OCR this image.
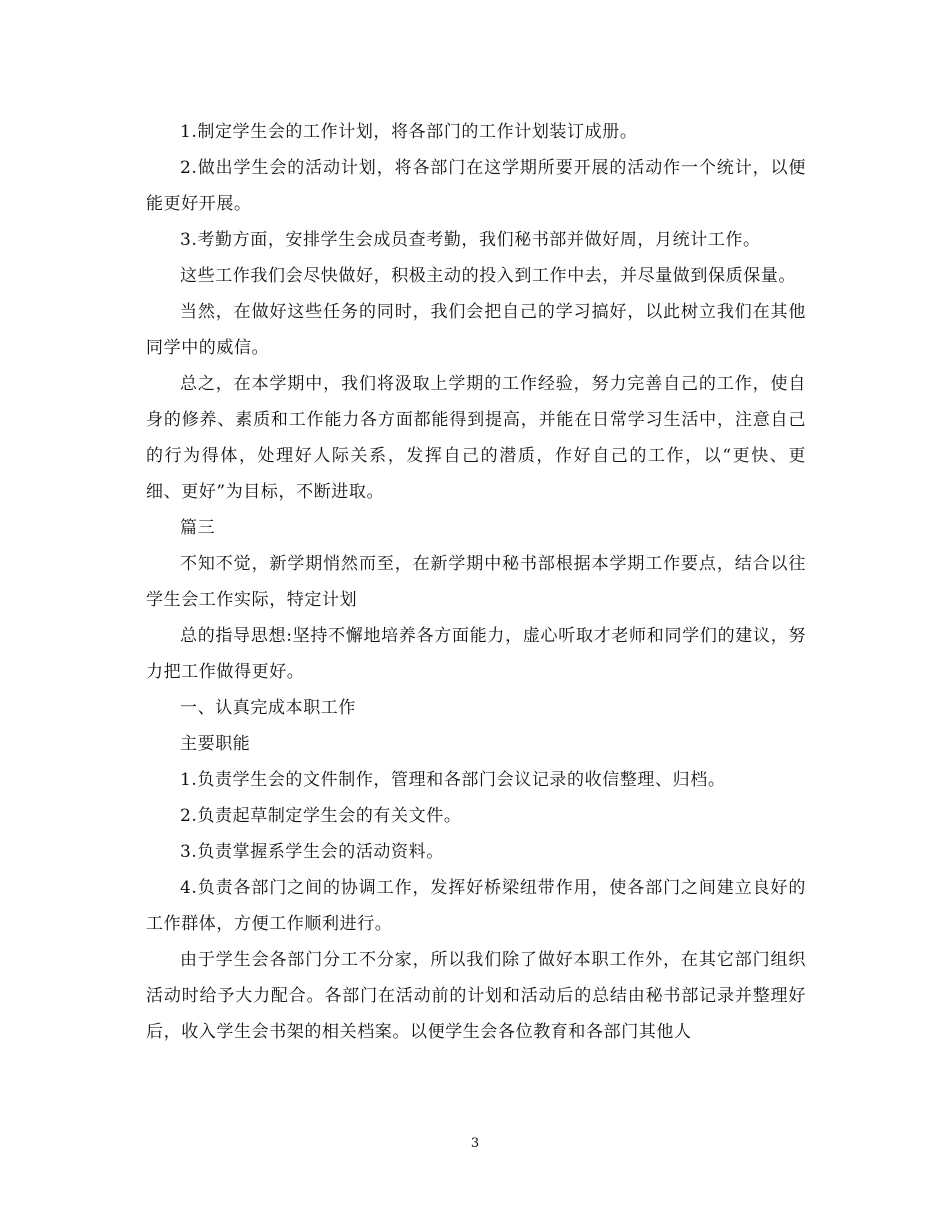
1.制定学生会的工作计划，将各部门的工作计划装订成册。

2.做出学生会的活动计划，将各部门在这学期所要开展的活动作一个统计，以便能更好开展。

3.考勤方面，安排学生会成员查考勤，我们秘书部并做好周，月统计工作。

这些工作我们会尽快做好，积极主动的投入到工作中去，并尽量做到保质保量。

当然，在做好这些任务的同时，我们会把自己的学习搞好，以此树立我们在其他同学中的威信。

总之，在本学期中，我们将汲取上学期的工作经验，努力完善自己的工作，使自身的修养、素质和工作能力各方面都能得到提高，并能在日常学习生活中，注意自己的行为得体，处理好人际关系，发挥自己的潜质，作好自己的工作，以“更快、更细、更好”为目标，不断进取。

篇三

不知不觉，新学期悄然而至，在新学期中秘书部根据本学期工作要点，结合以往学生会工作实际，特定计划

总的指导思想:坚持不懈地培养各方面能力，虚心听取才老师和同学们的建议，努力把工作做得更好。

一、认真完成本职工作

主要职能

1.负责学生会的文件制作，管理和各部门会议记录的收信整理、归档。

2.负责起草制定学生会的有关文件。

3.负责掌握系学生会的活动资料。

4.负责各部门之间的协调工作，发挥好桥梁纽带作用，使各部门之间建立良好的工作群体，方便工作顺利进行。

由于学生会各部门分工不分家，所以我们除了做好本职工作外，在其它部门组织活动时给予大力配合。各部门在活动前的计划和活动后的总结由秘书部记录并整理好后，收入学生会书架的相关档案。以便学生会各位教育和各部门其他人

3
